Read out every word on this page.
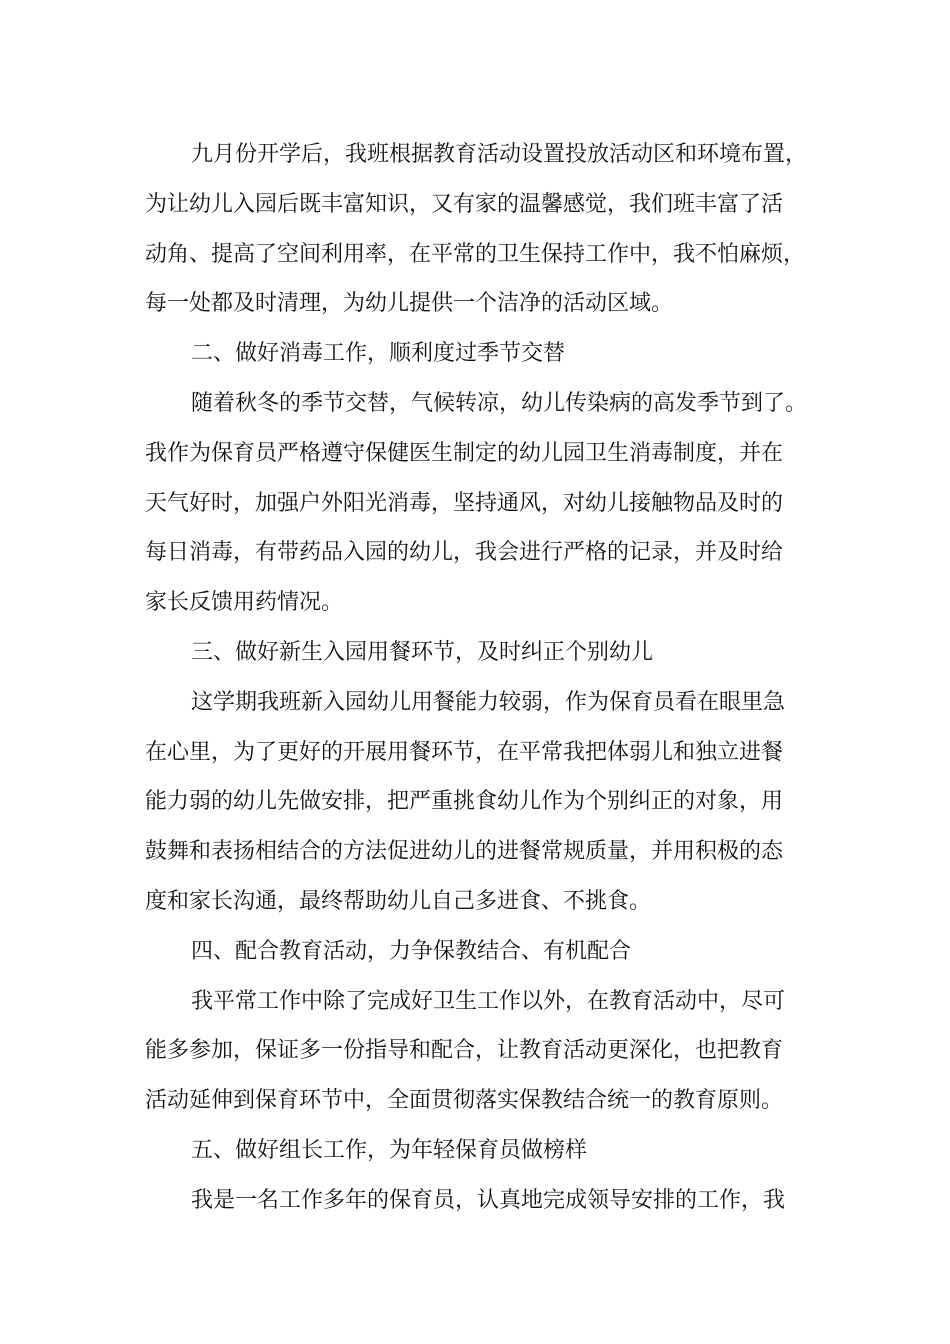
九月份开学后，我班根据教育活动设置投放活动区和环境布置，
为让幼儿入园后既丰富知识，又有家的温馨感觉，我们班丰富了活
动角、提高了空间利用率，在平常的卫生保持工作中，我不怕麻烦，
每一处都及时清理，为幼儿提供一个洁净的活动区域。
二、做好消毒工作，顺利度过季节交替
随着秋冬的季节交替，气候转凉，幼儿传染病的高发季节到了。
我作为保育员严格遵守保健医生制定的幼儿园卫生消毒制度，并在
天气好时，加强户外阳光消毒，坚持通风，对幼儿接触物品及时的
每日消毒，有带药品入园的幼儿，我会进行严格的记录，并及时给
家长反馈用药情况。
三、做好新生入园用餐环节，及时纠正个别幼儿
这学期我班新入园幼儿用餐能力较弱，作为保育员看在眼里急
在心里，为了更好的开展用餐环节，在平常我把体弱儿和独立进餐
能力弱的幼儿先做安排，把严重挑食幼儿作为个别纠正的对象，用
鼓舞和表扬相结合的方法促进幼儿的进餐常规质量，并用积极的态
度和家长沟通，最终帮助幼儿自己多进食、不挑食。
四、配合教育活动，力争保教结合、有机配合
我平常工作中除了完成好卫生工作以外，在教育活动中，尽可
能多参加，保证多一份指导和配合，让教育活动更深化，也把教育
活动延伸到保育环节中，全面贯彻落实保教结合统一的教育原则。
五、做好组长工作，为年轻保育员做榜样
我是一名工作多年的保育员，认真地完成领导安排的工作，我
